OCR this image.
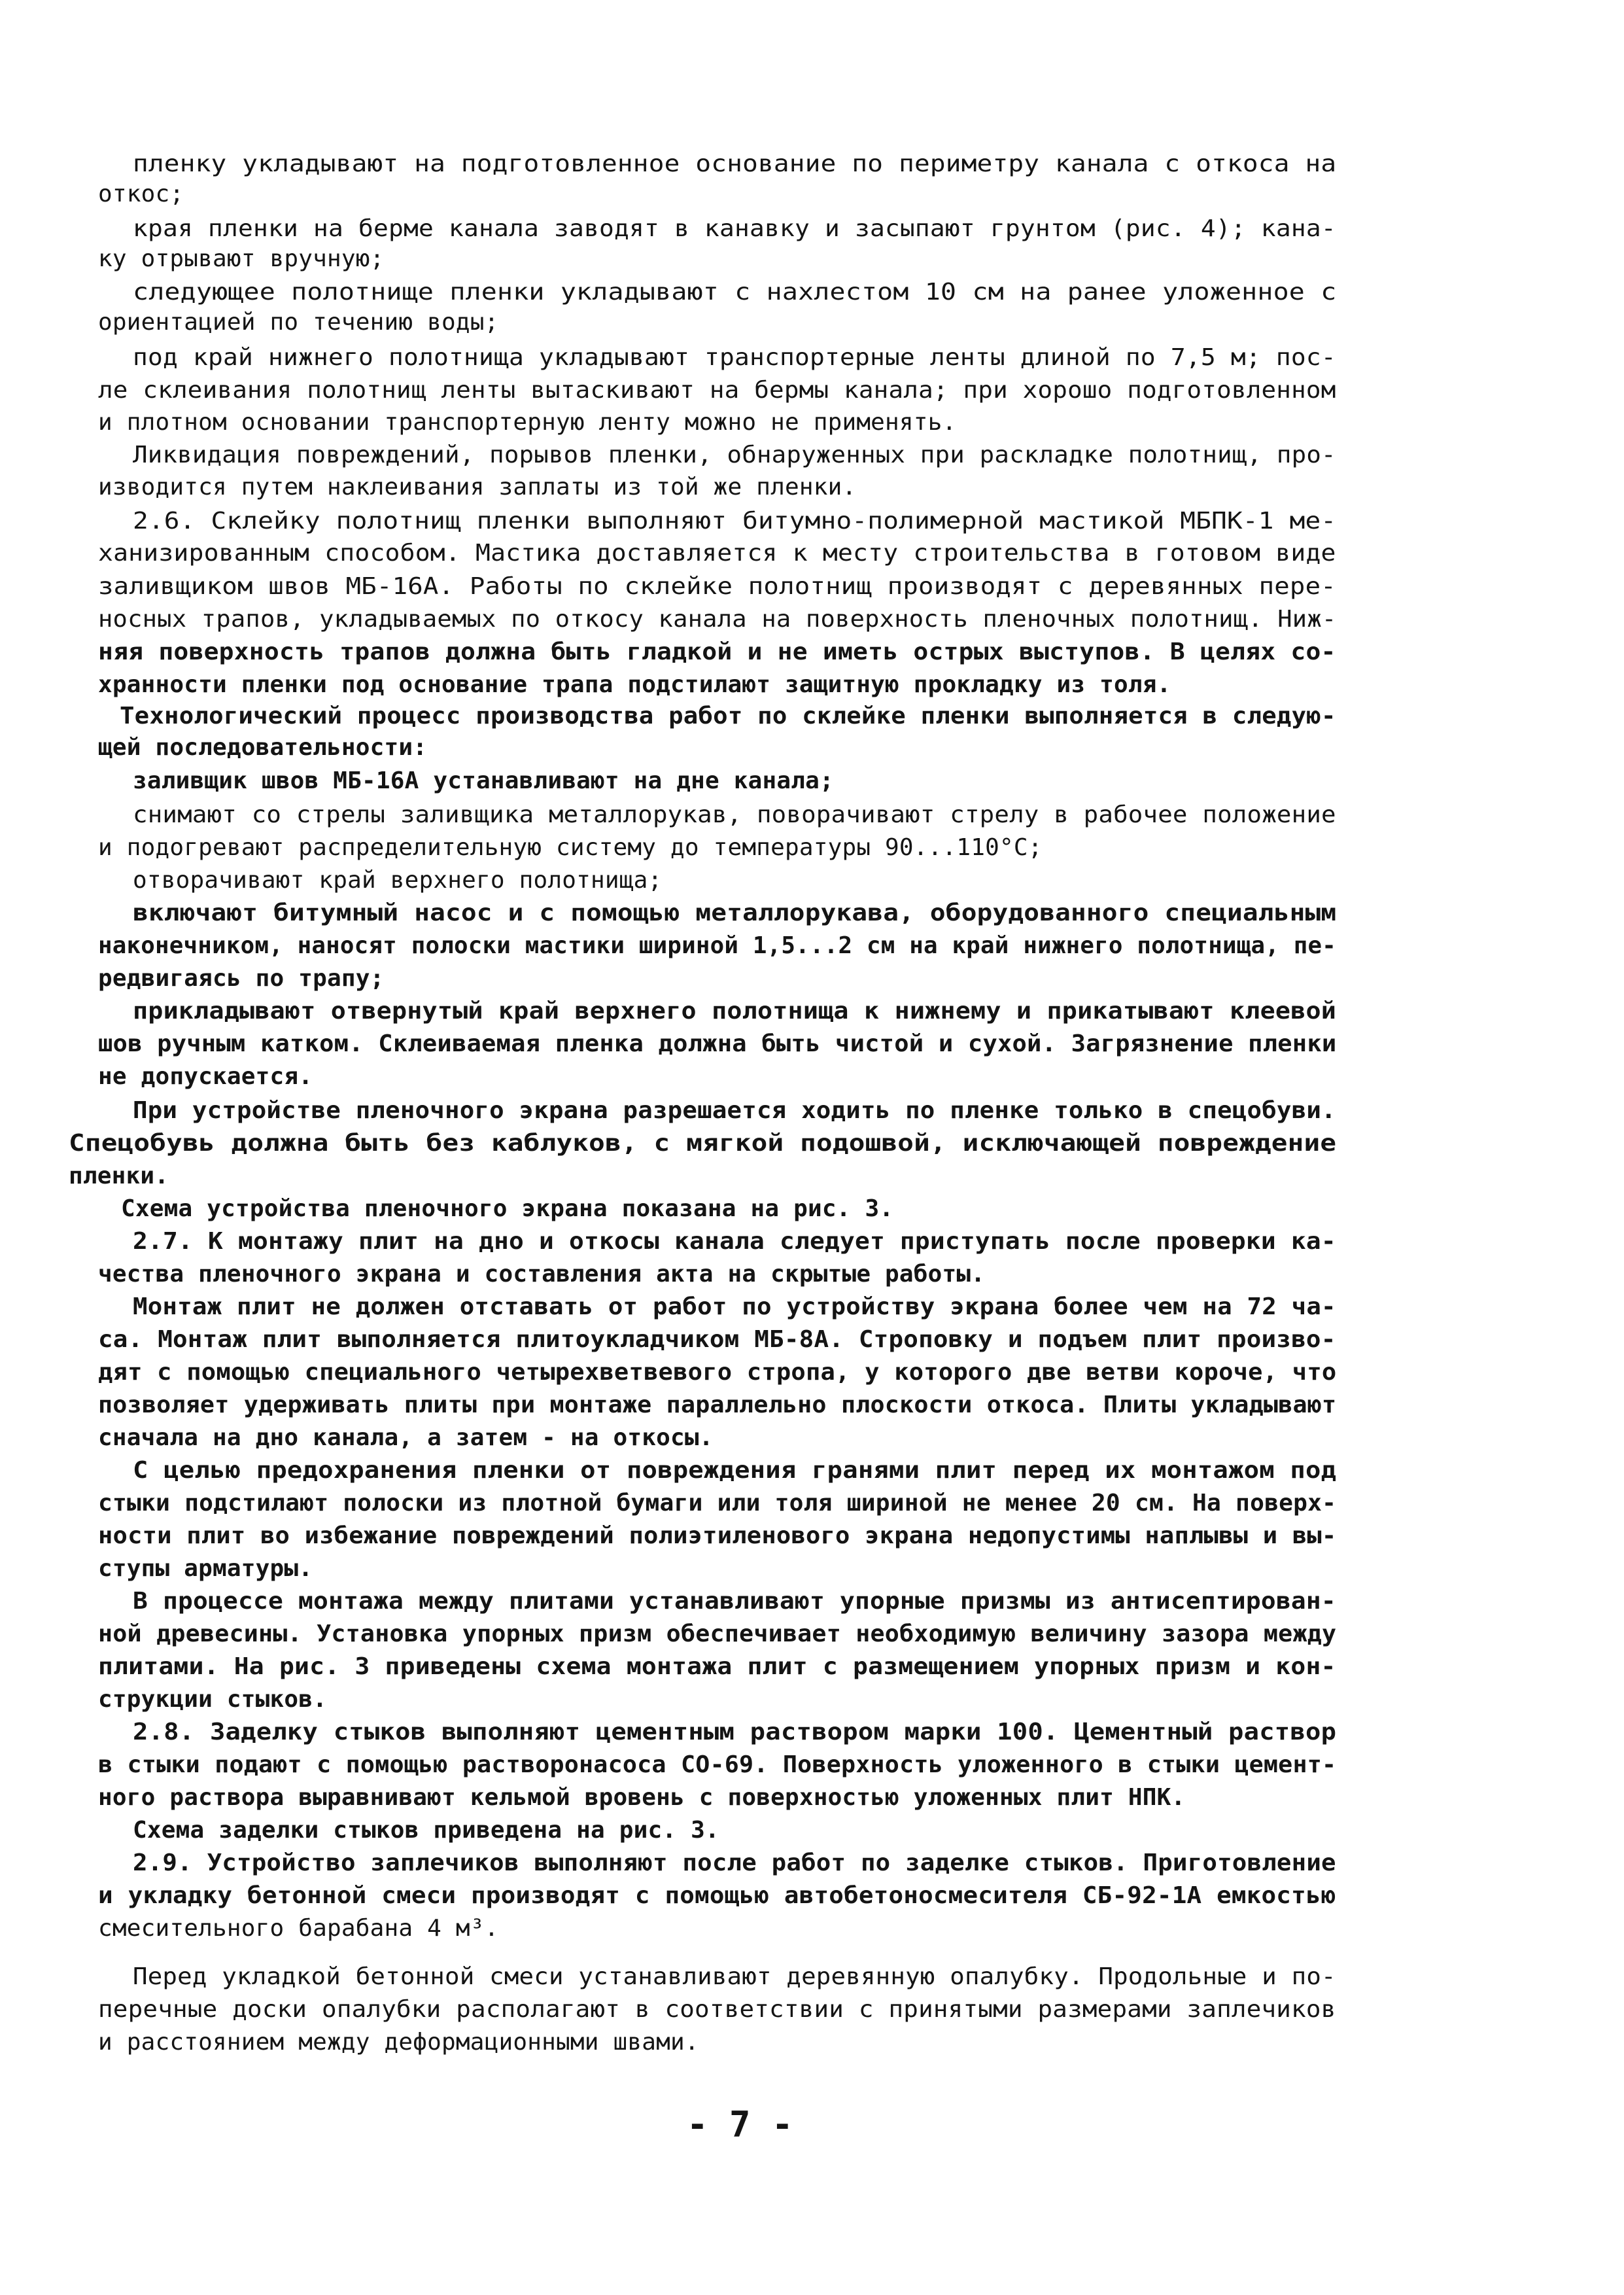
пленку укладывают на подготовленное основание по периметру канала с откоса на
откос;
края пленки на берме канала заводят в канавку и засыпают грунтом (рис. 4); кана-
ку отрывают вручную;
следующее полотнище пленки укладывают с нахлестом 10 см на ранее уложенное с
ориентацией по течению воды;
под край нижнего полотнища укладывают транспортерные ленты длиной по 7,5 м; пос-
ле склеивания полотнищ ленты вытаскивают на бермы канала; при хорошо подготовленном
и плотном основании транспортерную ленту можно не применять.
Ликвидация повреждений, порывов пленки, обнаруженных при раскладке полотнищ, про-
изводится путем наклеивания заплаты из той же пленки.
2.6. Склейку полотнищ пленки выполняют битумно-полимерной мастикой МБПК-1 ме-
ханизированным способом. Мастика доставляется к месту строительства в готовом виде
заливщиком швов МБ-16А. Работы по склейке полотнищ производят с деревянных пере-
носных трапов, укладываемых по откосу канала на поверхность пленочных полотнищ. Ниж-
няя поверхность трапов должна быть гладкой и не иметь острых выступов. В целях со-
хранности пленки под основание трапа подстилают защитную прокладку из толя.
Технологический процесс производства работ по склейке пленки выполняется в следую-
щей последовательности:
заливщик швов МБ-16А устанавливают на дне канала;
снимают со стрелы заливщика металлорукав, поворачивают стрелу в рабочее положение
и подогревают распределительную систему до температуры 90...110°С;
отворачивают край верхнего полотнища;
включают битумный насос и с помощью металлорукава, оборудованного специальным
наконечником, наносят полоски мастики шириной 1,5...2 см на край нижнего полотнища, пе-
редвигаясь по трапу;
прикладывают отвернутый край верхнего полотнища к нижнему и прикатывают клеевой
шов ручным катком. Склеиваемая пленка должна быть чистой и сухой. Загрязнение пленки
не допускается.
При устройстве пленочного экрана разрешается ходить по пленке только в спецобуви.
Спецобувь должна быть без каблуков, с мягкой подошвой, исключающей повреждение
пленки.
Схема устройства пленочного экрана показана на рис. 3.
2.7. К монтажу плит на дно и откосы канала следует приступать после проверки ка-
чества пленочного экрана и составления акта на скрытые работы.
Монтаж плит не должен отставать от работ по устройству экрана более чем на 72 ча-
са. Монтаж плит выполняется плитоукладчиком МБ-8А. Строповку и подъем плит произво-
дят с помощью специального четырехветвевого стропа, у которого две ветви короче, что
позволяет удерживать плиты при монтаже параллельно плоскости откоса. Плиты укладывают
сначала на дно канала, а затем - на откосы.
С целью предохранения пленки от повреждения гранями плит перед их монтажом под
стыки подстилают полоски из плотной бумаги или толя шириной не менее 20 см. На поверх-
ности плит во избежание повреждений полиэтиленового экрана недопустимы наплывы и вы-
ступы арматуры.
В процессе монтажа между плитами устанавливают упорные призмы из антисептирован-
ной древесины. Установка упорных призм обеспечивает необходимую величину зазора между
плитами. На рис. 3 приведены схема монтажа плит с размещением упорных призм и кон-
струкции стыков.
2.8. Заделку стыков выполняют цементным раствором марки 100. Цементный раствор
в стыки подают с помощью растворонасоса СО-69. Поверхность уложенного в стыки цемент-
ного раствора выравнивают кельмой вровень с поверхностью уложенных плит НПК.
Схема заделки стыков приведена на рис. 3.
2.9. Устройство заплечиков выполняют после работ по заделке стыков. Приготовление
и укладку бетонной смеси производят с помощью автобетоносмесителя СБ-92-1А емкостью
смесительного барабана 4 м³.
Перед укладкой бетонной смеси устанавливают деревянную опалубку. Продольные и по-
перечные доски опалубки располагают в соответствии с принятыми размерами заплечиков
и расстоянием между деформационными швами.
- 7 -
